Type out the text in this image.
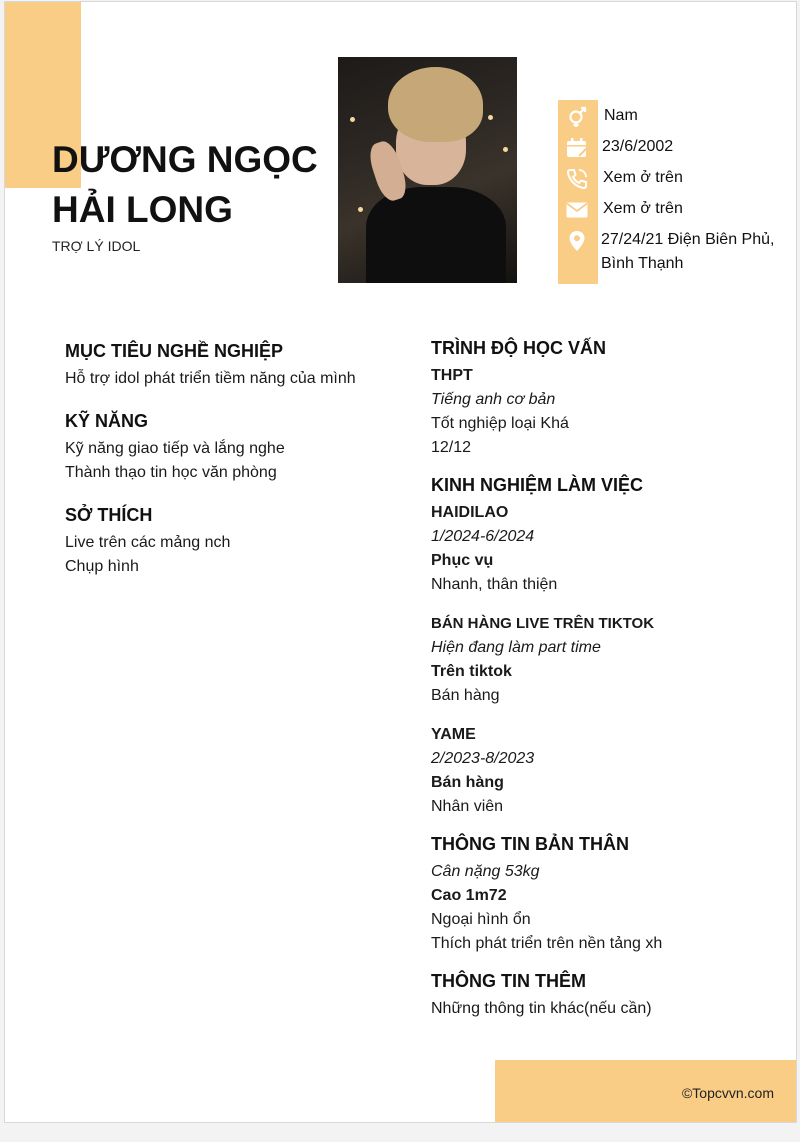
DƯƠNG NGỌC
HẢI LONG
TRỢ LÝ IDOL
Nam
23/6/2002
Xem ở trên
Xem ở trên
27/24/21 Điện Biên Phủ,
Bình Thạnh
MỤC TIÊU NGHỀ NGHIỆP
Hỗ trợ idol phát triển tiềm năng của mình
KỸ NĂNG
Kỹ năng giao tiếp và lắng nghe
Thành thạo tin học văn phòng
SỞ THÍCH
Live trên các mảng nch
Chụp hình
TRÌNH ĐỘ HỌC VẤN
THPT
Tiếng anh cơ bản
Tốt nghiệp loại Khá
12/12
KINH NGHIỆM LÀM VIỆC
HAIDILAO
1/2024-6/2024
Phục vụ
Nhanh, thân thiện
BÁN HÀNG LIVE TRÊN TIKTOK
Hiện đang làm part time
Trên tiktok
Bán hàng
YAME
2/2023-8/2023
Bán hàng
Nhân viên
THÔNG TIN BẢN THÂN
Cân nặng 53kg
Cao 1m72
Ngoại hình ổn
Thích phát triển trên nền tảng xh
THÔNG TIN THÊM
Những thông tin khác(nếu cần)
©Topcvvn.com
